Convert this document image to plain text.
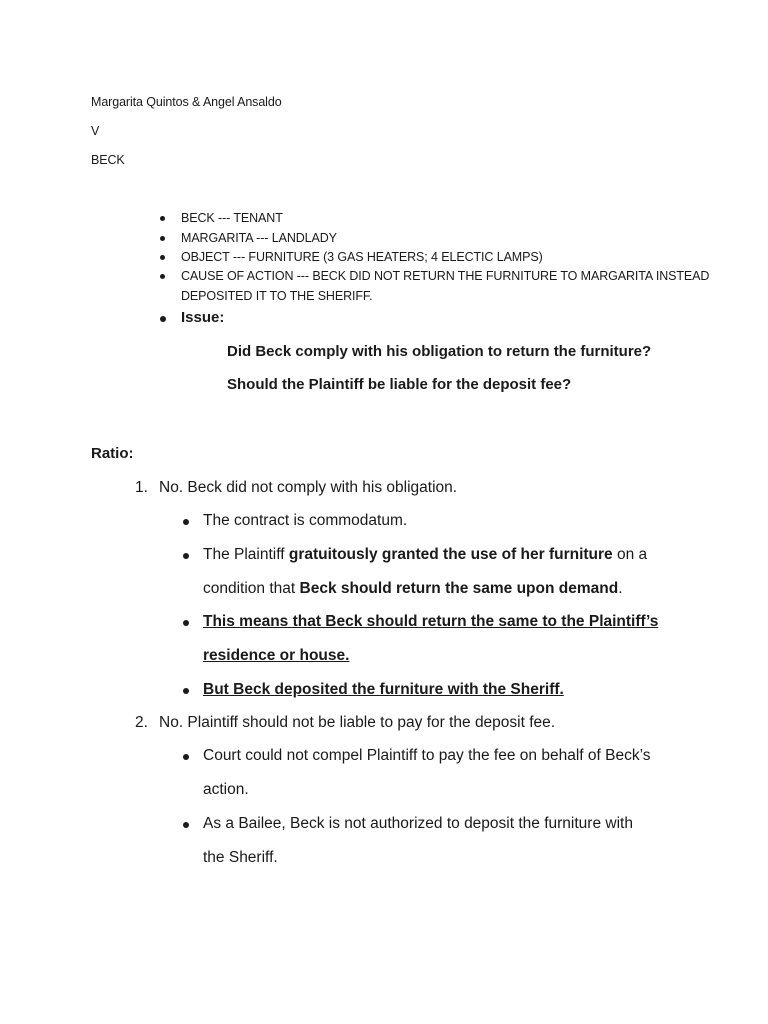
Margarita Quintos & Angel Ansaldo
V
BECK
BECK --- TENANT
MARGARITA --- LANDLADY
OBJECT --- FURNITURE (3 GAS HEATERS; 4 ELECTIC LAMPS)
CAUSE OF ACTION --- BECK DID NOT RETURN THE FURNITURE TO MARGARITA INSTEAD
DEPOSITED IT TO THE SHERIFF.
Issue:
Did Beck comply with his obligation to return the furniture?
Should the Plaintiff be liable for the deposit fee?
Ratio:
1. No. Beck did not comply with his obligation.
The contract is commodatum.
The Plaintiff gratuitously granted the use of her furniture on a
condition that Beck should return the same upon demand.
This means that Beck should return the same to the Plaintiff’s
residence or house.
But Beck deposited the furniture with the Sheriff.
2. No. Plaintiff should not be liable to pay for the deposit fee.
Court could not compel Plaintiff to pay the fee on behalf of Beck’s
action.
As a Bailee, Beck is not authorized to deposit the furniture with
the Sheriff.
